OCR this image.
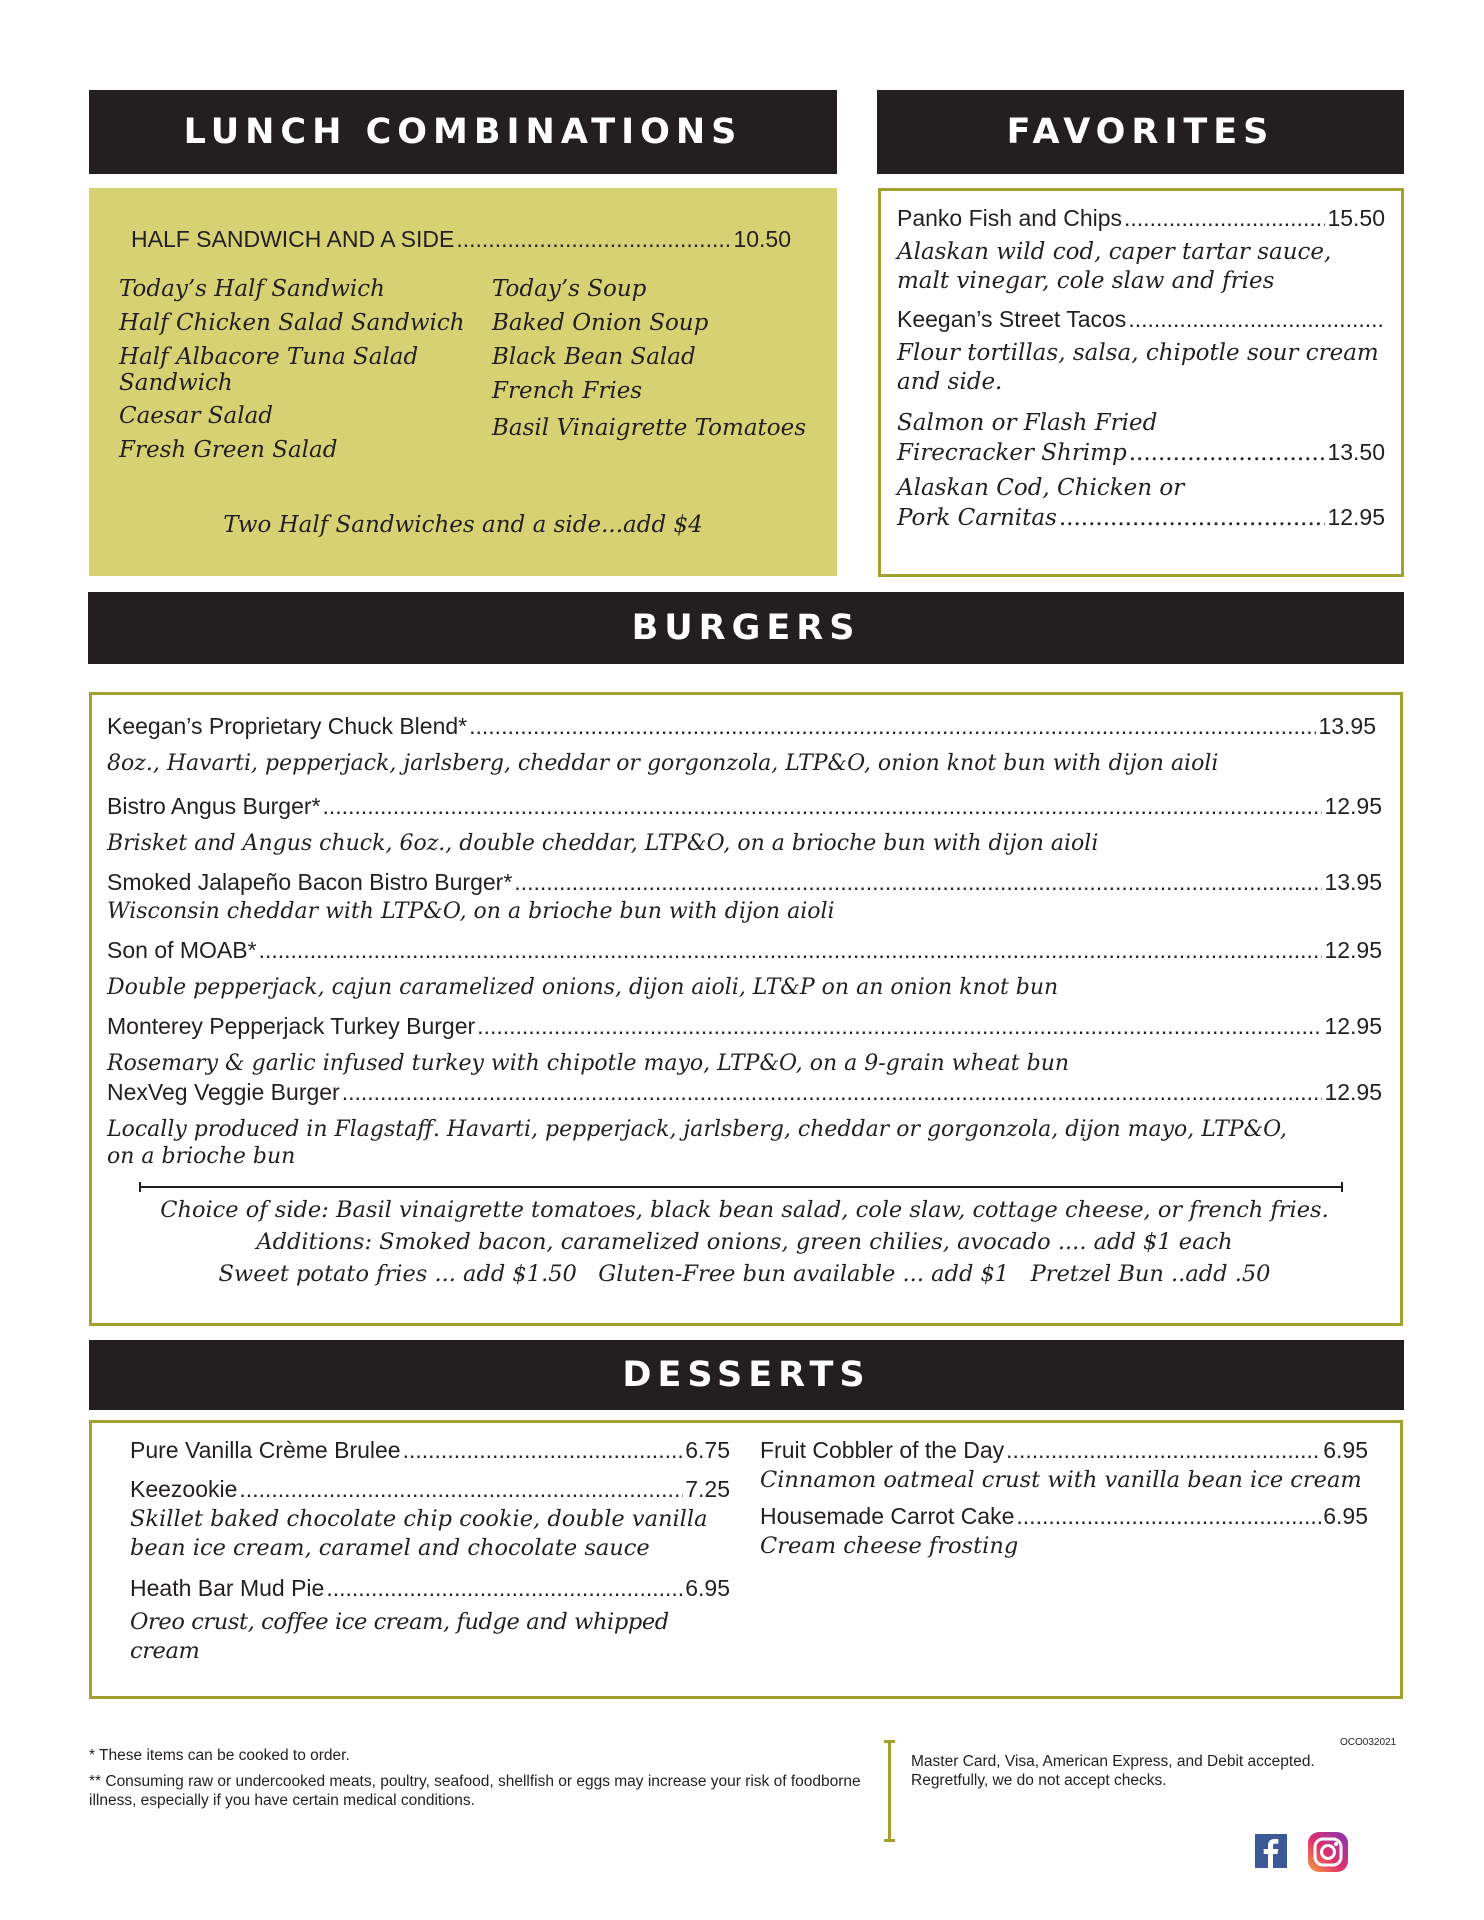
LUNCH COMBINATIONS
HALF SANDWICH AND A SIDE .....	10.50
Today’s Half Sandwich
Half Chicken Salad Sandwich
Half Albacore Tuna Salad Sandwich
Caesar Salad
Fresh Green Salad
Today’s Soup
Baked Onion Soup
Black Bean Salad
French Fries
Basil Vinaigrette Tomatoes
Two Half Sandwiches and a side...add $4
FAVORITES
Panko Fish and Chips .....	15.50
Alaskan wild cod, caper tartar sauce, malt vinegar, cole slaw and fries
Keegan’s Street Tacos
.....
Flour tortillas, salsa, chipotle sour cream and side.
Salmon or Flash Fried
Firecracker Shrimp .....	13.50
Alaskan Cod, Chicken or
Pork Carnitas .....	12.95
BURGERS
Keegan’s Proprietary Chuck Blend* .....	13.95
8oz., Havarti, pepperjack, jarlsberg, cheddar or gorgonzola, LTP&O, onion knot bun with dijon aioli
Bistro Angus Burger* .....	12.95
Brisket and Angus chuck, 6oz., double cheddar, LTP&O, on a brioche bun with dijon aioli
Smoked Jalapeño Bacon Bistro Burger* .....	13.95
Wisconsin cheddar with LTP&O, on a brioche bun with dijon aioli
Son of MOAB* .....	12.95
Double pepperjack, cajun caramelized onions, dijon aioli, LT&P on an onion knot bun
Monterey Pepperjack Turkey Burger .....	12.95
Rosemary & garlic infused turkey with chipotle mayo, LTP&O, on a 9-grain wheat bun
NexVeg Veggie Burger .....	12.95
Locally produced in Flagstaff. Havarti, pepperjack, jarlsberg, cheddar or gorgonzola, dijon mayo, LTP&O, on a brioche bun
Choice of side: Basil vinaigrette tomatoes, black bean salad, cole slaw, cottage cheese, or french fries.
Additions: Smoked bacon, caramelized onions, green chilies, avocado .... add $1 each
Sweet potato fries ... add $1.50   Gluten-Free bun available ... add $1   Pretzel Bun ..add .50
DESSERTS
Pure Vanilla Crème Brulee .....	6.75
Keezookie .....	7.25
Skillet baked chocolate chip cookie, double vanilla bean ice cream, caramel and chocolate sauce
Heath Bar Mud Pie .....	6.95
Oreo crust, coffee ice cream, fudge and whipped cream
Fruit Cobbler of the Day .....	6.95
Cinnamon oatmeal crust with vanilla bean ice cream
Housemade Carrot Cake .....	6.95
Cream cheese frosting
* These items can be cooked to order.
** Consuming raw or undercooked meats, poultry, seafood, shellfish or eggs may increase your risk of foodborne illness, especially if you have certain medical conditions.
OCO032021
Master Card, Visa, American Express, and Debit accepted. Regretfully, we do not accept checks.
